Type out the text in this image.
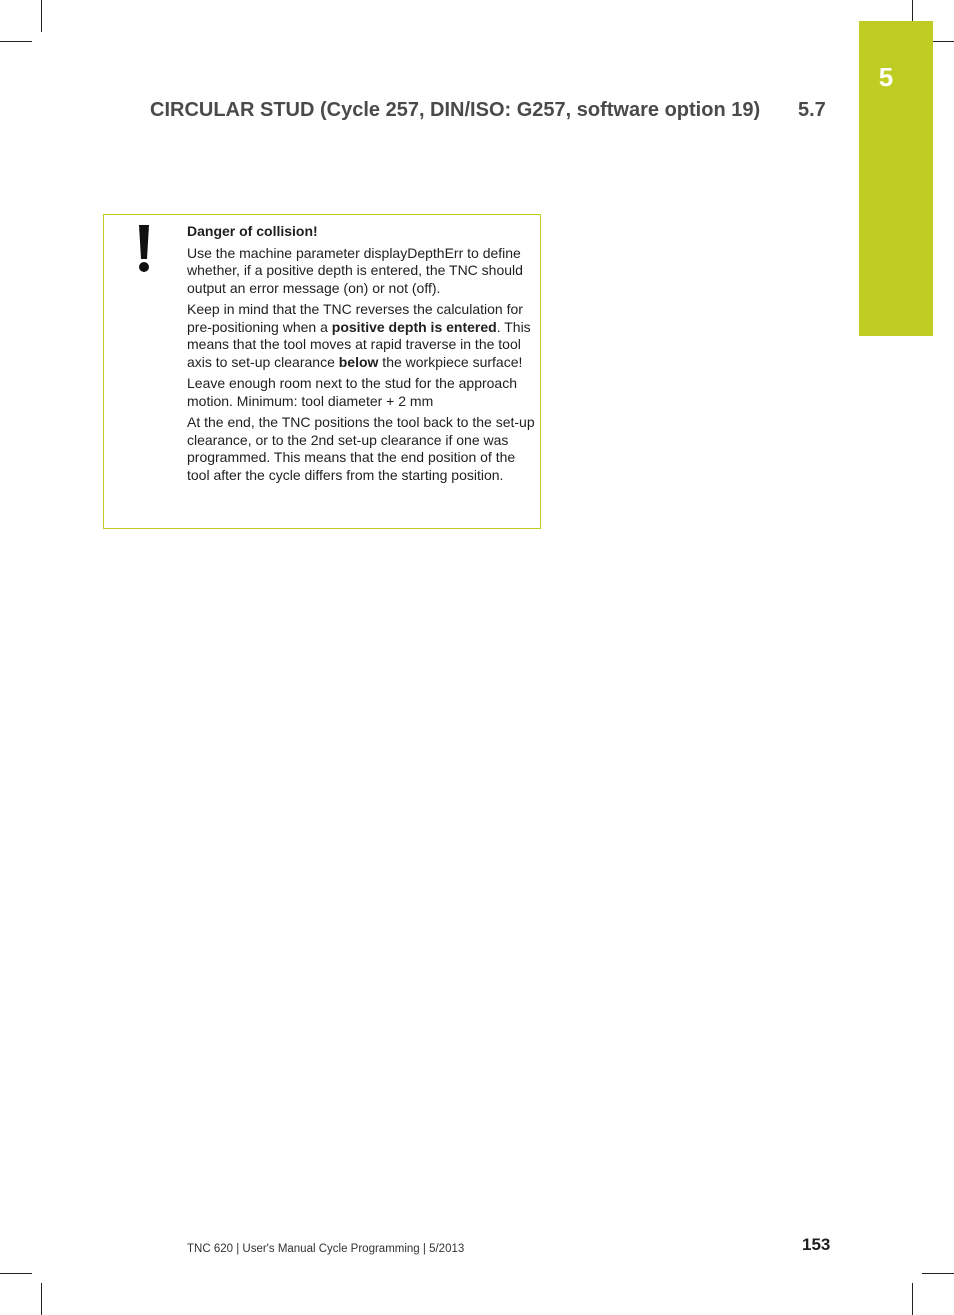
5
CIRCULAR STUD (Cycle 257, DIN/ISO: G257, software option 19)	5.7
Danger of collision!

Use the machine parameter displayDepthErr to define whether, if a positive depth is entered, the TNC should output an error message (on) or not (off).

Keep in mind that the TNC reverses the calculation for pre-positioning when a positive depth is entered. This means that the tool moves at rapid traverse in the tool axis to set-up clearance below the workpiece surface!

Leave enough room next to the stud for the approach motion. Minimum: tool diameter + 2 mm

At the end, the TNC positions the tool back to the set-up clearance, or to the 2nd set-up clearance if one was programmed. This means that the end position of the tool after the cycle differs from the starting position.

TNC 620 | User's Manual Cycle Programming | 5/2013	153
